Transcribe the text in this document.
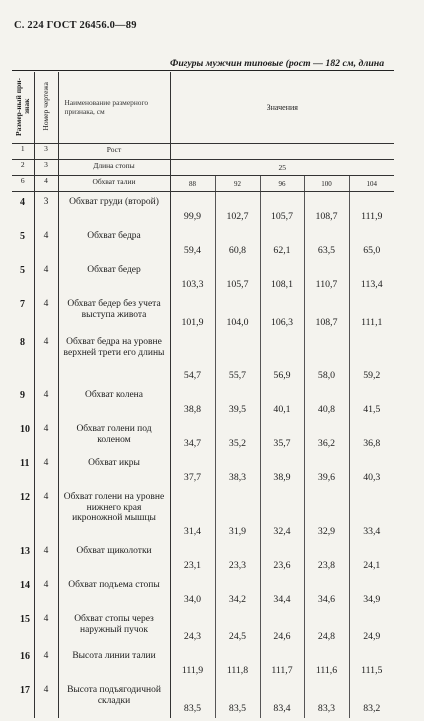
С. 224 ГОСТ 26456.0—89
Фигуры мужчин типовые (рост — 182 см, длина
Размер-ный при-знак	Номер чертежа	Наименование размерного признака, см	Значения				
1	3	Рост					
2	3	Длина стопы	25				
6	4	Обхват талии	88	92	96	100	104
4	3	Обхват груди (второй)	99,9	102,7	105,7	108,7	111,9
5	4	Обхват бедра	59,4	60,8	62,1	63,5	65,0
5	4	Обхват бедер	103,3	105,7	108,1	110,7	113,4
7	4	Обхват бедер без учета выступа живота	101,9	104,0	106,3	108,7	111,1
8	4	Обхват бедра на уровне верхней трети его длины	54,7	55,7	56,9	58,0	59,2
9	4	Обхват колена	38,8	39,5	40,1	40,8	41,5
10	4	Обхват голени под коленом	34,7	35,2	35,7	36,2	36,8
11	4	Обхват икры	37,7	38,3	38,9	39,6	40,3
12	4	Обхват голени на уровне нижнего края икроножной мышцы	31,4	31,9	32,4	32,9	33,4
13	4	Обхват щиколотки	23,1	23,3	23,6	23,8	24,1
14	4	Обхват подъема стопы	34,0	34,2	34,4	34,6	34,9
15	4	Обхват стопы через наружный пучок	24,3	24,5	24,6	24,8	24,9
16	4	Высота линии талии	111,9	111,8	111,7	111,6	111,5
17	4	Высота подъягодичной складки	83,5	83,5	83,4	83,3	83,2
